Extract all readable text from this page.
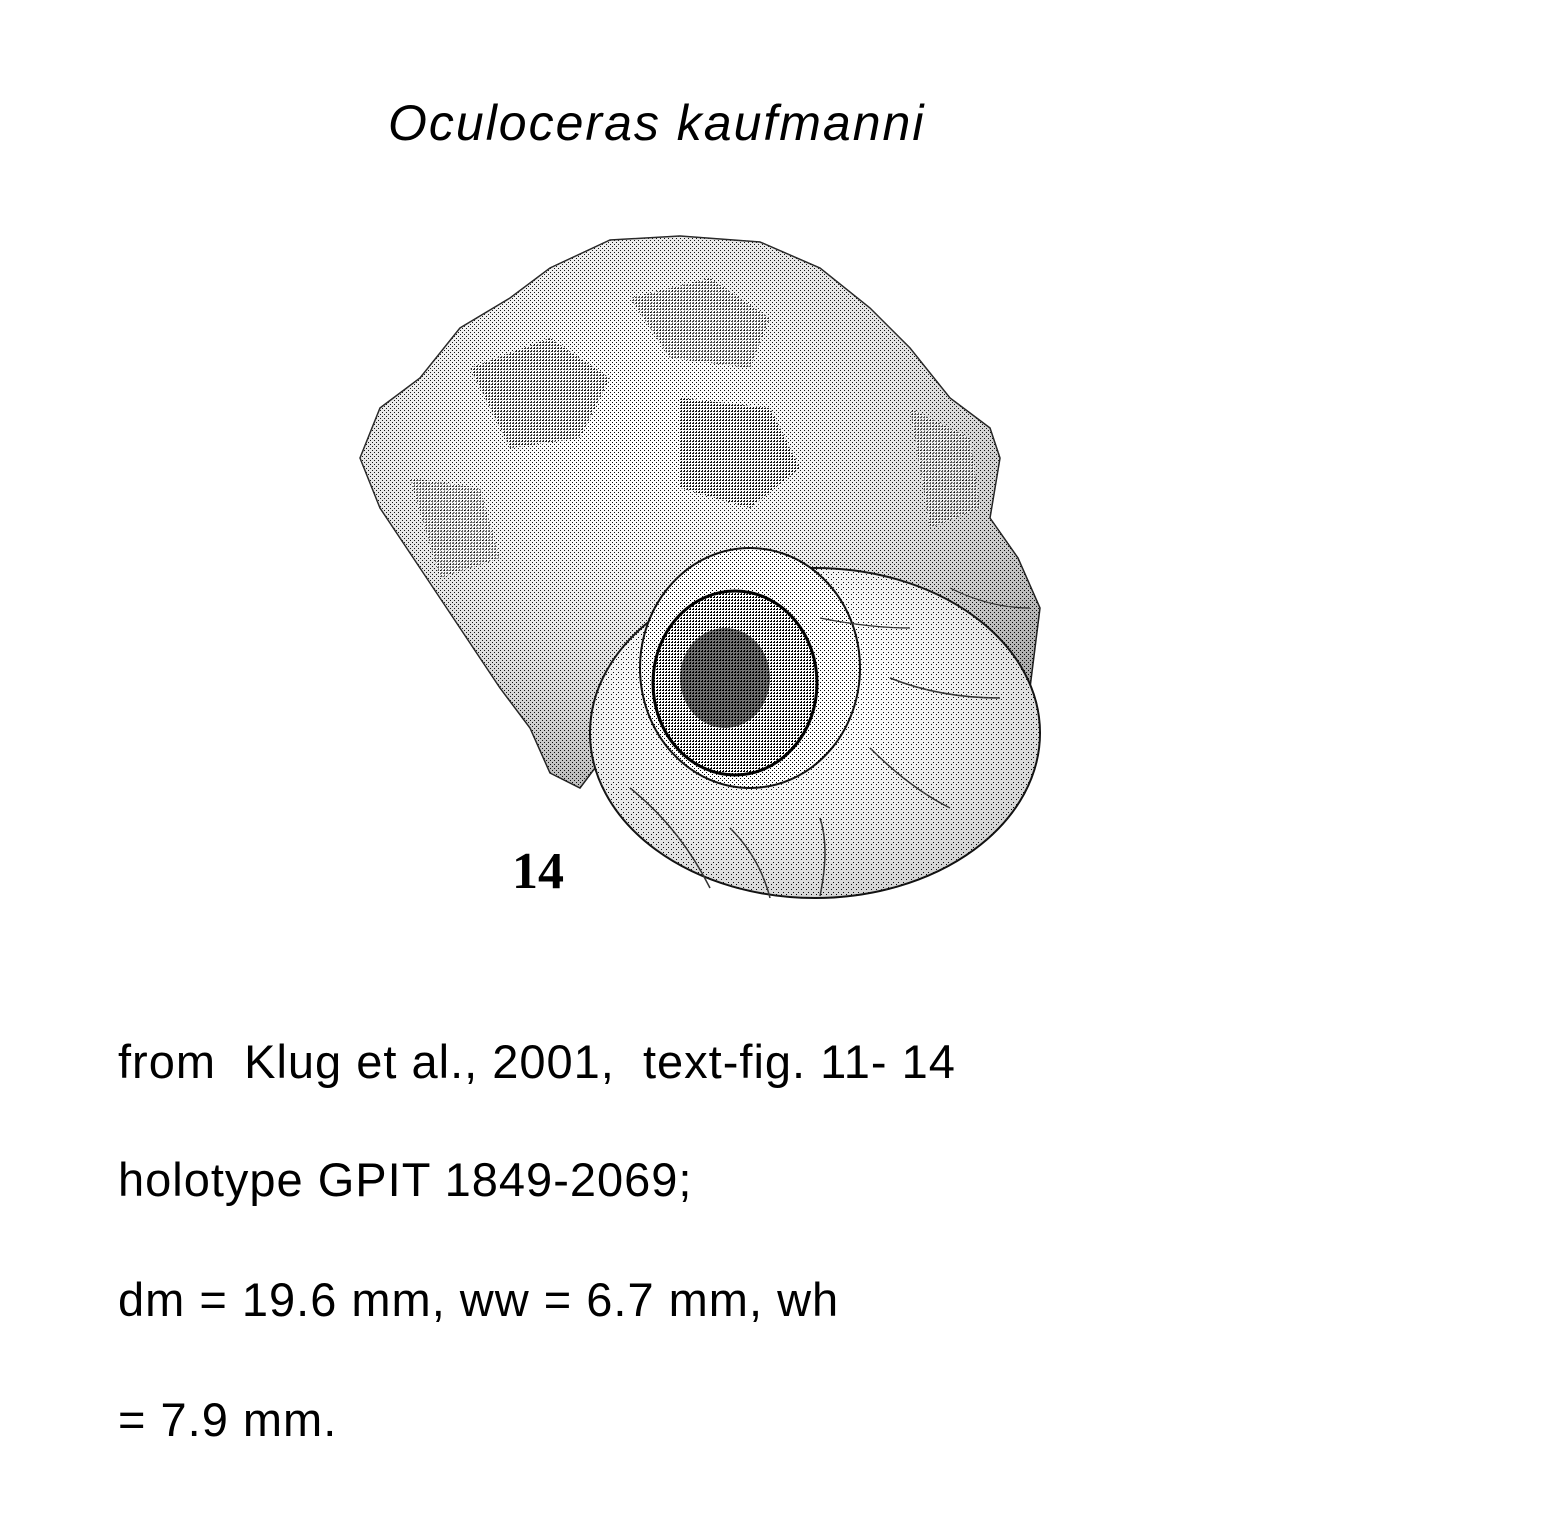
Oculoceras kaufmanni
14
from  Klug et al., 2001,  text-fig. 11- 14
holotype GPIT 1849-2069;
dm = 19.6 mm, ww = 6.7 mm, wh
= 7.9 mm.
